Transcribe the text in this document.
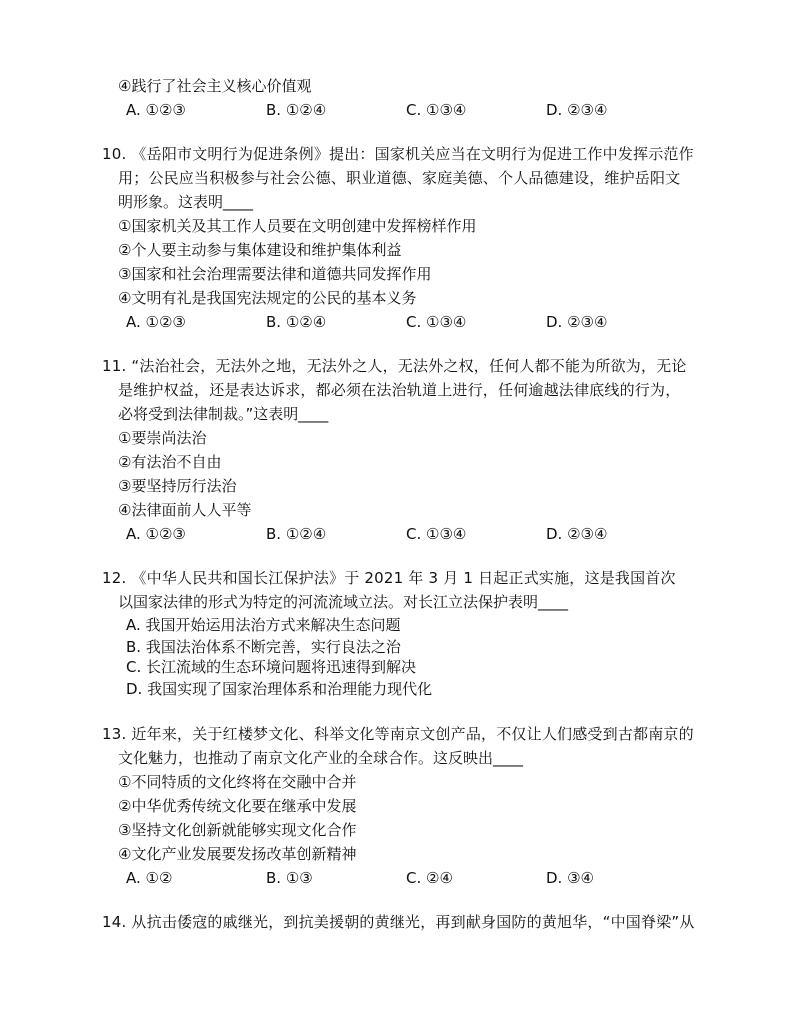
④践行了社会主义核心价值观
A. ①②③	B. ①②④	C. ①③④	D. ②③④
10. 《岳阳市文明行为促进条例》提出：国家机关应当在文明行为促进工作中发挥示范作
用；公民应当积极参与社会公德、职业道德、家庭美德、个人品德建设，维护岳阳文
明形象。这表明____
①国家机关及其工作人员要在文明创建中发挥榜样作用
②个人要主动参与集体建设和维护集体利益
③国家和社会治理需要法律和道德共同发挥作用
④文明有礼是我国宪法规定的公民的基本义务
A. ①②③	B. ①②④	C. ①③④	D. ②③④
11. “法治社会，无法外之地，无法外之人，无法外之权，任何人都不能为所欲为，无论
是维护权益，还是表达诉求，都必须在法治轨道上进行，任何逾越法律底线的行为，
必将受到法律制裁。”这表明____
①要崇尚法治
②有法治不自由
③要坚持厉行法治
④法律面前人人平等
A. ①②③	B. ①②④	C. ①③④	D. ②③④
12. 《中华人民共和国长江保护法》于 2021 年 3 月 1 日起正式实施，这是我国首次
以国家法律的形式为特定的河流流域立法。对长江立法保护表明____
A. 我国开始运用法治方式来解决生态问题
B. 我国法治体系不断完善，实行良法之治
C. 长江流域的生态环境问题将迅速得到解决
D. 我国实现了国家治理体系和治理能力现代化
13. 近年来，关于红楼梦文化、科举文化等南京文创产品，不仅让人们感受到古都南京的
文化魅力，也推动了南京文化产业的全球合作。这反映出____
①不同特质的文化终将在交融中合并
②中华优秀传统文化要在继承中发展
③坚持文化创新就能够实现文化合作
④文化产业发展要发扬改革创新精神
A. ①②	B. ①③	C. ②④	D. ③④
14. 从抗击倭寇的戚继光，到抗美援朝的黄继光，再到献身国防的黄旭华，“中国脊梁”从
